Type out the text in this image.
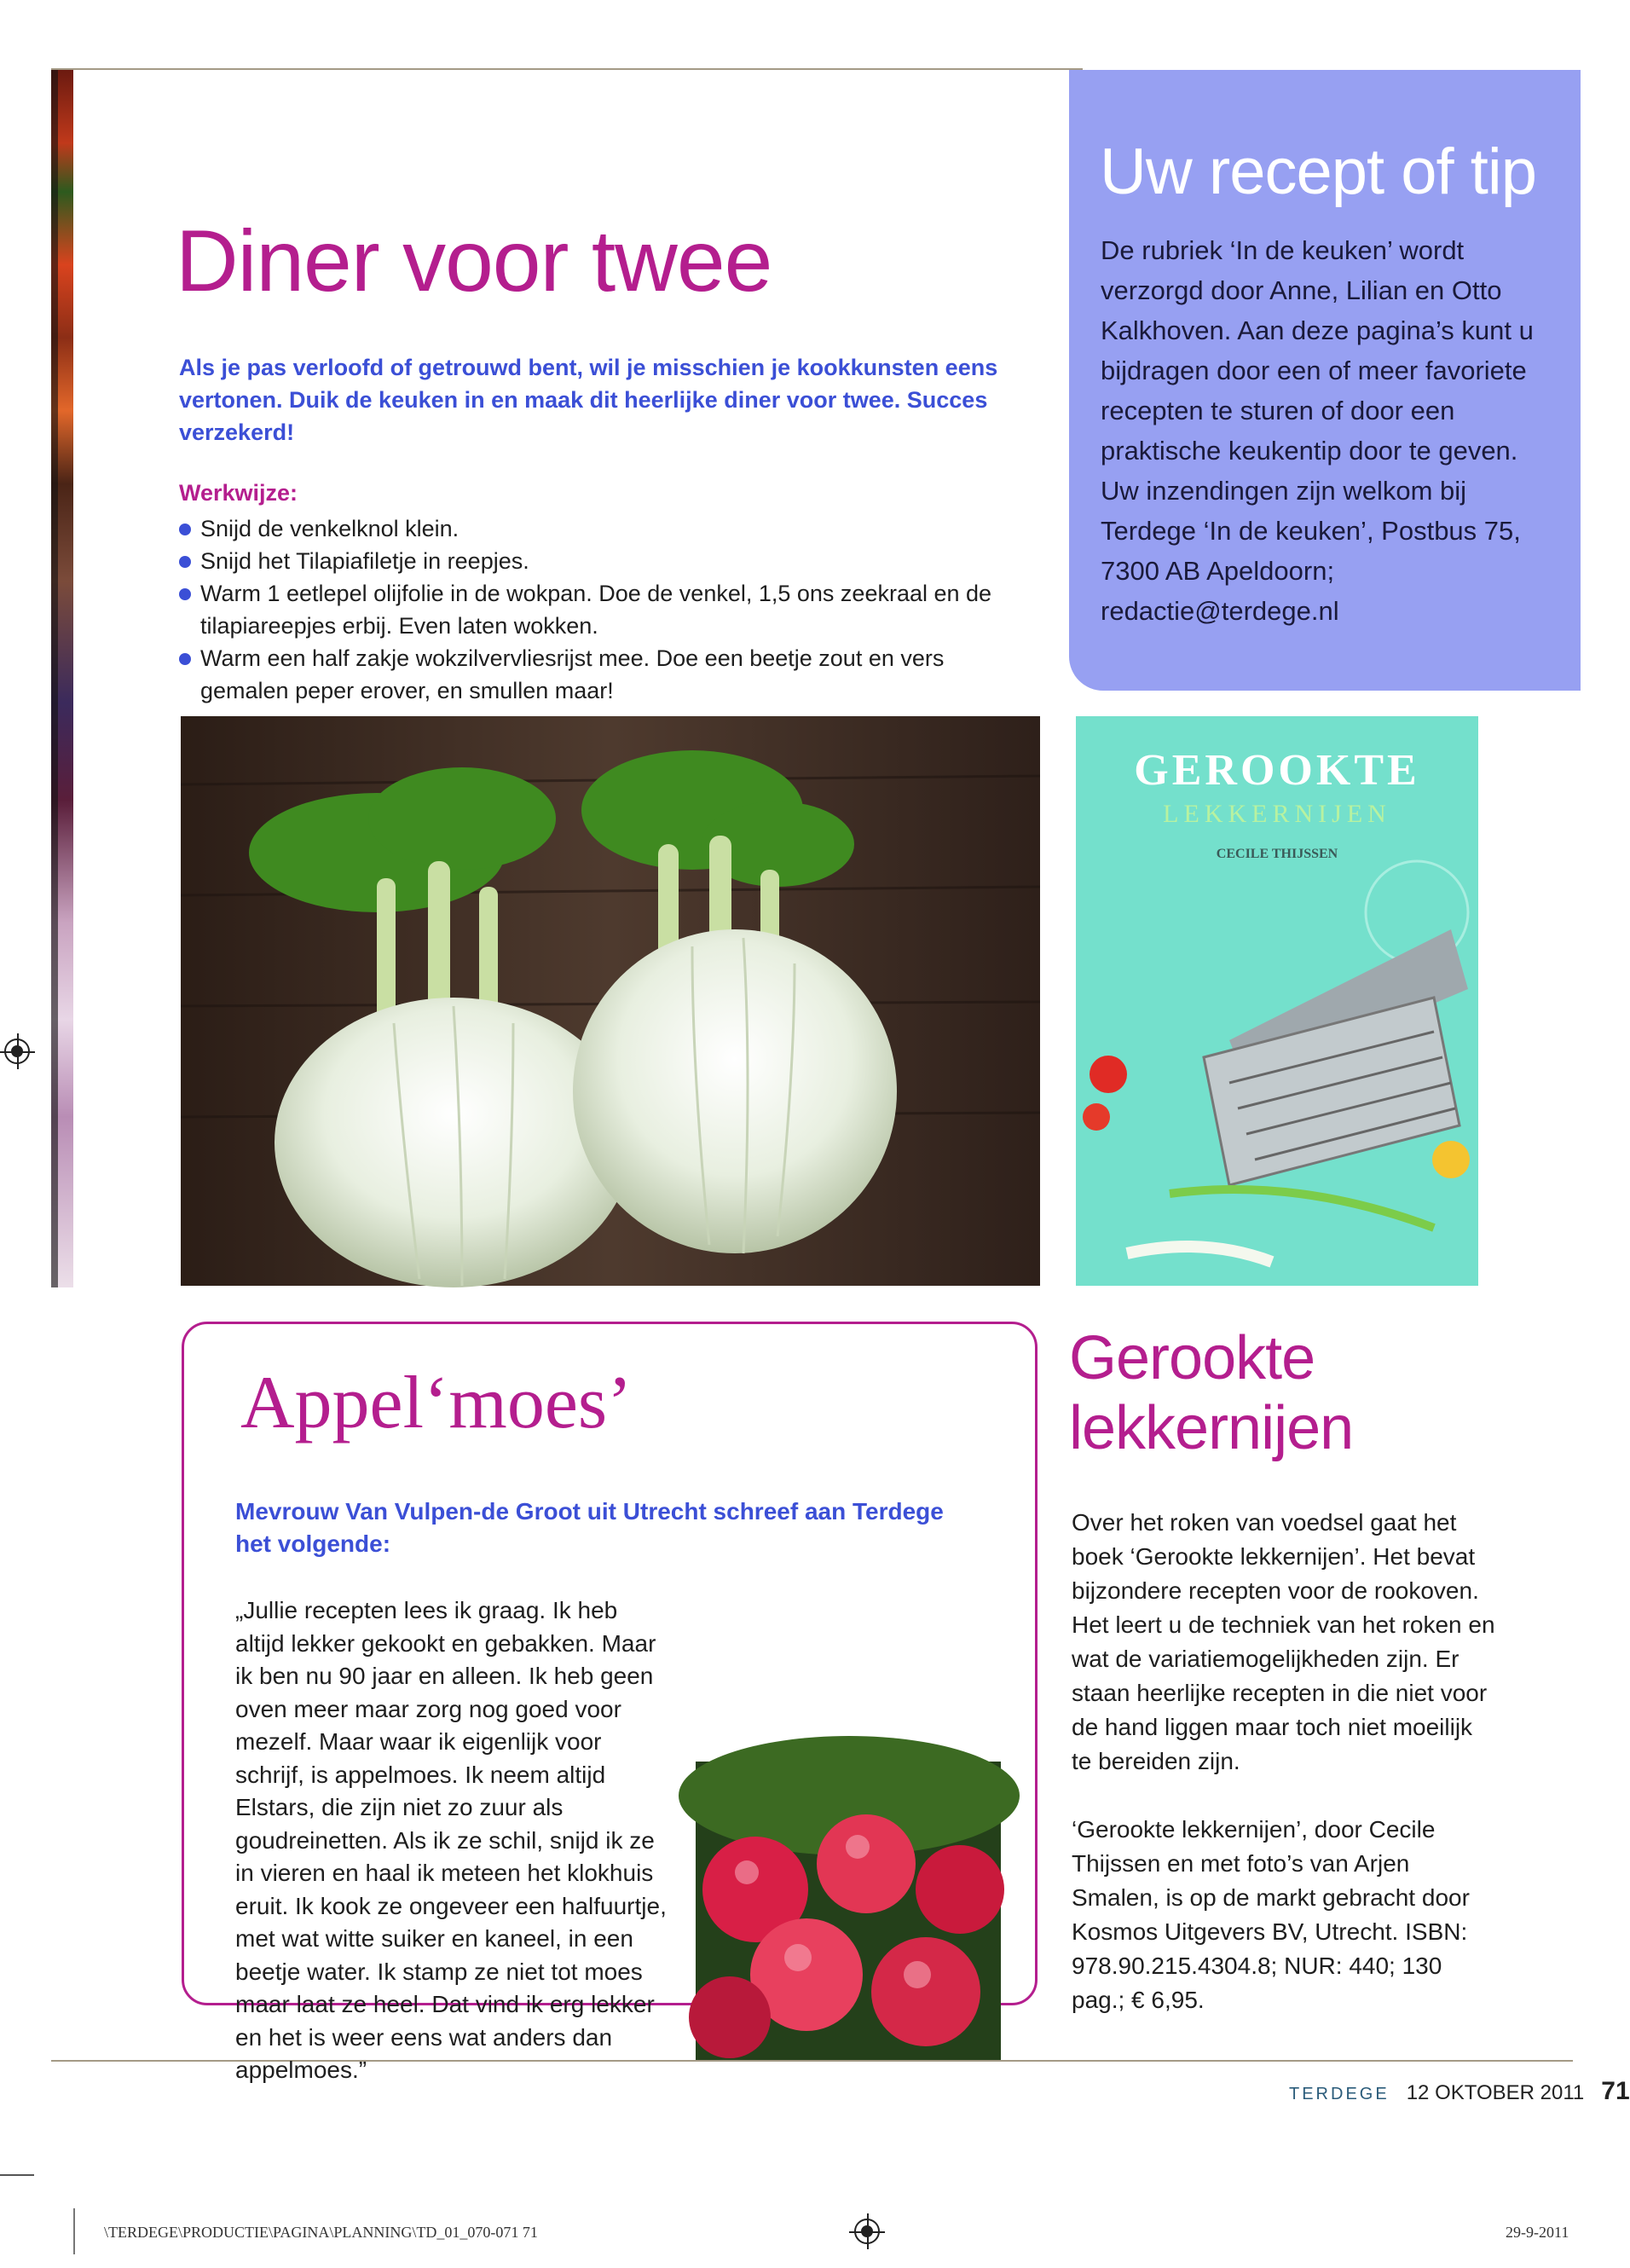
Diner voor twee
Als je pas verloofd of getrouwd bent, wil je misschien je kookkunsten eens vertonen. Duik de keuken in en maak dit heerlijke diner voor twee. Succes verzekerd!
Werkwijze:
Snijd de venkelknol klein.
Snijd het Tilapiafiletje in reepjes.
Warm 1 eetlepel olijfolie in de wokpan. Doe de venkel, 1,5 ons zeekraal en de tilapiareepjes erbij. Even laten wokken.
Warm een half zakje wokzilvervliesrijst mee. Doe een beetje zout en vers gemalen peper erover, en smullen maar!
Uw recept of tip
De rubriek ‘In de keuken’ wordt verzorgd door Anne, Lilian en Otto Kalkhoven. Aan deze pagina’s kunt u bijdragen door een of meer favoriete recepten te sturen of door een praktische keukentip door te geven. Uw inzendingen zijn welkom bij Terdege ‘In de keuken’, Postbus 75, 7300 AB Apeldoorn; redactie@terdege.nl
GEROOKTE
LEKKERNIJEN
CECILE THIJSSEN
Appel‘moes’
Mevrouw Van Vulpen-de Groot uit Utrecht schreef aan Terdege het volgende:
„Jullie recepten lees ik graag. Ik heb altijd lekker gekookt en gebakken. Maar ik ben nu 90 jaar en alleen. Ik heb geen oven meer maar zorg nog goed voor mezelf. Maar waar ik eigenlijk voor schrijf, is appelmoes. Ik neem altijd Elstars, die zijn niet zo zuur als goudreinetten. Als ik ze schil, snijd ik ze in vieren en haal ik meteen het klokhuis eruit. Ik kook ze ongeveer een halfuurtje, met wat witte suiker en kaneel, in een beetje water. Ik stamp ze niet tot moes maar laat ze heel. Dat vind ik erg lekker en het is weer eens wat anders dan appelmoes.”
Gerookte
lekkernijen
Over het roken van voedsel gaat het boek ‘Gerookte lekkernijen’. Het bevat bijzondere recepten voor de rookoven. Het leert u de techniek van het roken en wat de variatiemogelijkheden zijn. Er staan heerlijke recepten in die niet voor de hand liggen maar toch niet moeilijk te bereiden zijn.
‘Gerookte lekkernijen’, door Cecile Thijssen en met foto’s van Arjen Smalen, is op de markt gebracht door Kosmos Uitgevers BV, Utrecht. ISBN: 978.90.215.4304.8; NUR: 440; 130 pag.; € 6,95.
TERDEGE 12 OKTOBER 2011 71
\TERDEGE\PRODUCTIE\PAGINA\PLANNING\TD_01_070-071 71	29-9-2011
